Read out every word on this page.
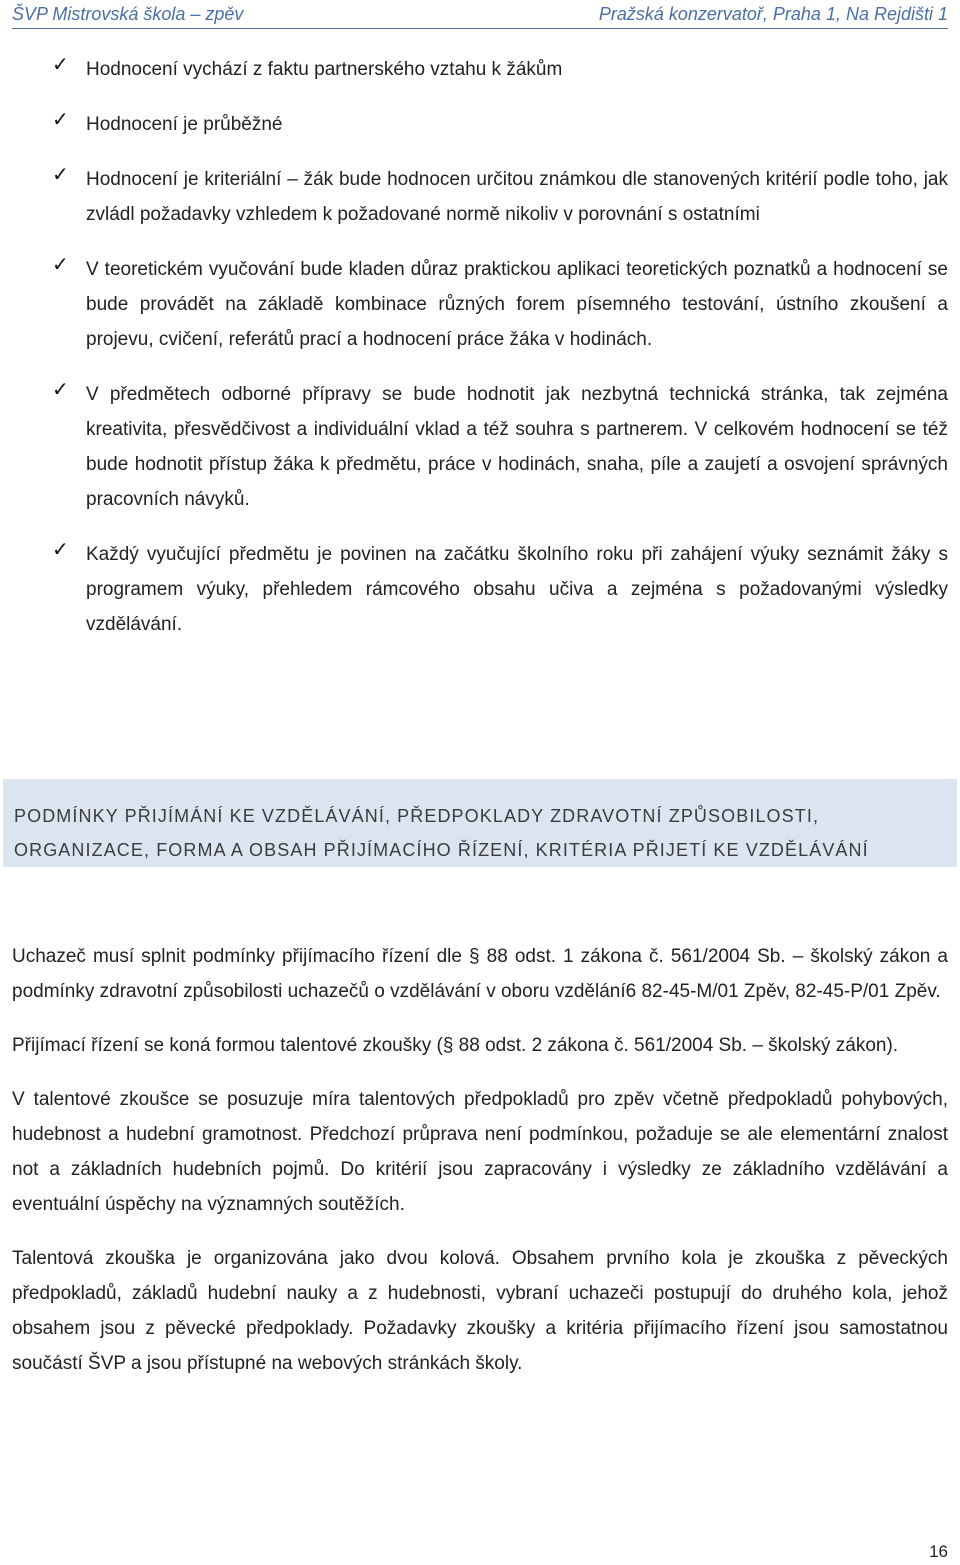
ŠVP Mistrovská škola – zpěv	Pražská konzervatoř, Praha 1, Na Rejdišti 1
✓ Hodnocení vychází z faktu partnerského vztahu k žákům
✓ Hodnocení je průběžné
✓ Hodnocení je kriteriální – žák bude hodnocen určitou známkou dle stanovených kritérií podle toho, jak zvládl požadavky vzhledem k požadované normě nikoliv v porovnání s ostatními
✓ V teoretickém vyučování bude kladen důraz praktickou aplikaci teoretických poznatků a hodnocení se bude provádět na základě kombinace různých forem písemného testování, ústního zkoušení a projevu, cvičení, referátů prací a hodnocení práce žáka v hodinách.
✓ V předmětech odborné přípravy se bude hodnotit jak nezbytná technická stránka, tak zejména kreativita, přesvědčivost a individuální vklad a též souhra s partnerem. V celkovém hodnocení se též bude hodnotit přístup žáka k předmětu, práce v hodinách, snaha, píle a zaujetí a osvojení správných pracovních návyků.
✓ Každý vyučující předmětu je povinen na začátku školního roku při zahájení výuky seznámit žáky s programem výuky, přehledem rámcového obsahu učiva a zejména s požadovanými výsledky vzdělávání.
PODMÍNKY PŘIJÍMÁNÍ KE VZDĚLÁVÁNÍ, PŘEDPOKLADY ZDRAVOTNÍ ZPŮSOBILOSTI, ORGANIZACE, FORMA A OBSAH PŘIJÍMACÍHO ŘÍZENÍ, KRITÉRIA PŘIJETÍ KE VZDĚLÁVÁNÍ

Uchazeč musí splnit podmínky přijímacího řízení dle § 88 odst. 1 zákona č. 561/2004 Sb. – školský zákon a podmínky zdravotní způsobilosti uchazečů o vzdělávání v oboru vzdělání6 82-45-M/01 Zpěv, 82-45-P/01 Zpěv.

Přijímací řízení se koná formou talentové zkoušky (§ 88 odst. 2 zákona č. 561/2004 Sb. – školský zákon).

V talentové zkoušce se posuzuje míra talentových předpokladů pro zpěv včetně předpokladů pohybových, hudebnost a hudební gramotnost. Předchozí průprava není podmínkou, požaduje se ale elementární znalost not a základních hudebních pojmů. Do kritérií jsou zapracovány i výsledky ze základního vzdělávání a eventuální úspěchy na významných soutěžích.

Talentová zkouška je organizována jako dvou kolová. Obsahem prvního kola je zkouška z pěveckých předpokladů, základů hudební nauky a z hudebnosti, vybraní uchazeči postupují do druhého kola, jehož obsahem jsou z pěvecké předpoklady. Požadavky zkoušky a kritéria přijímacího řízení jsou samostatnou součástí ŠVP a jsou přístupné na webových stránkách školy.

16
